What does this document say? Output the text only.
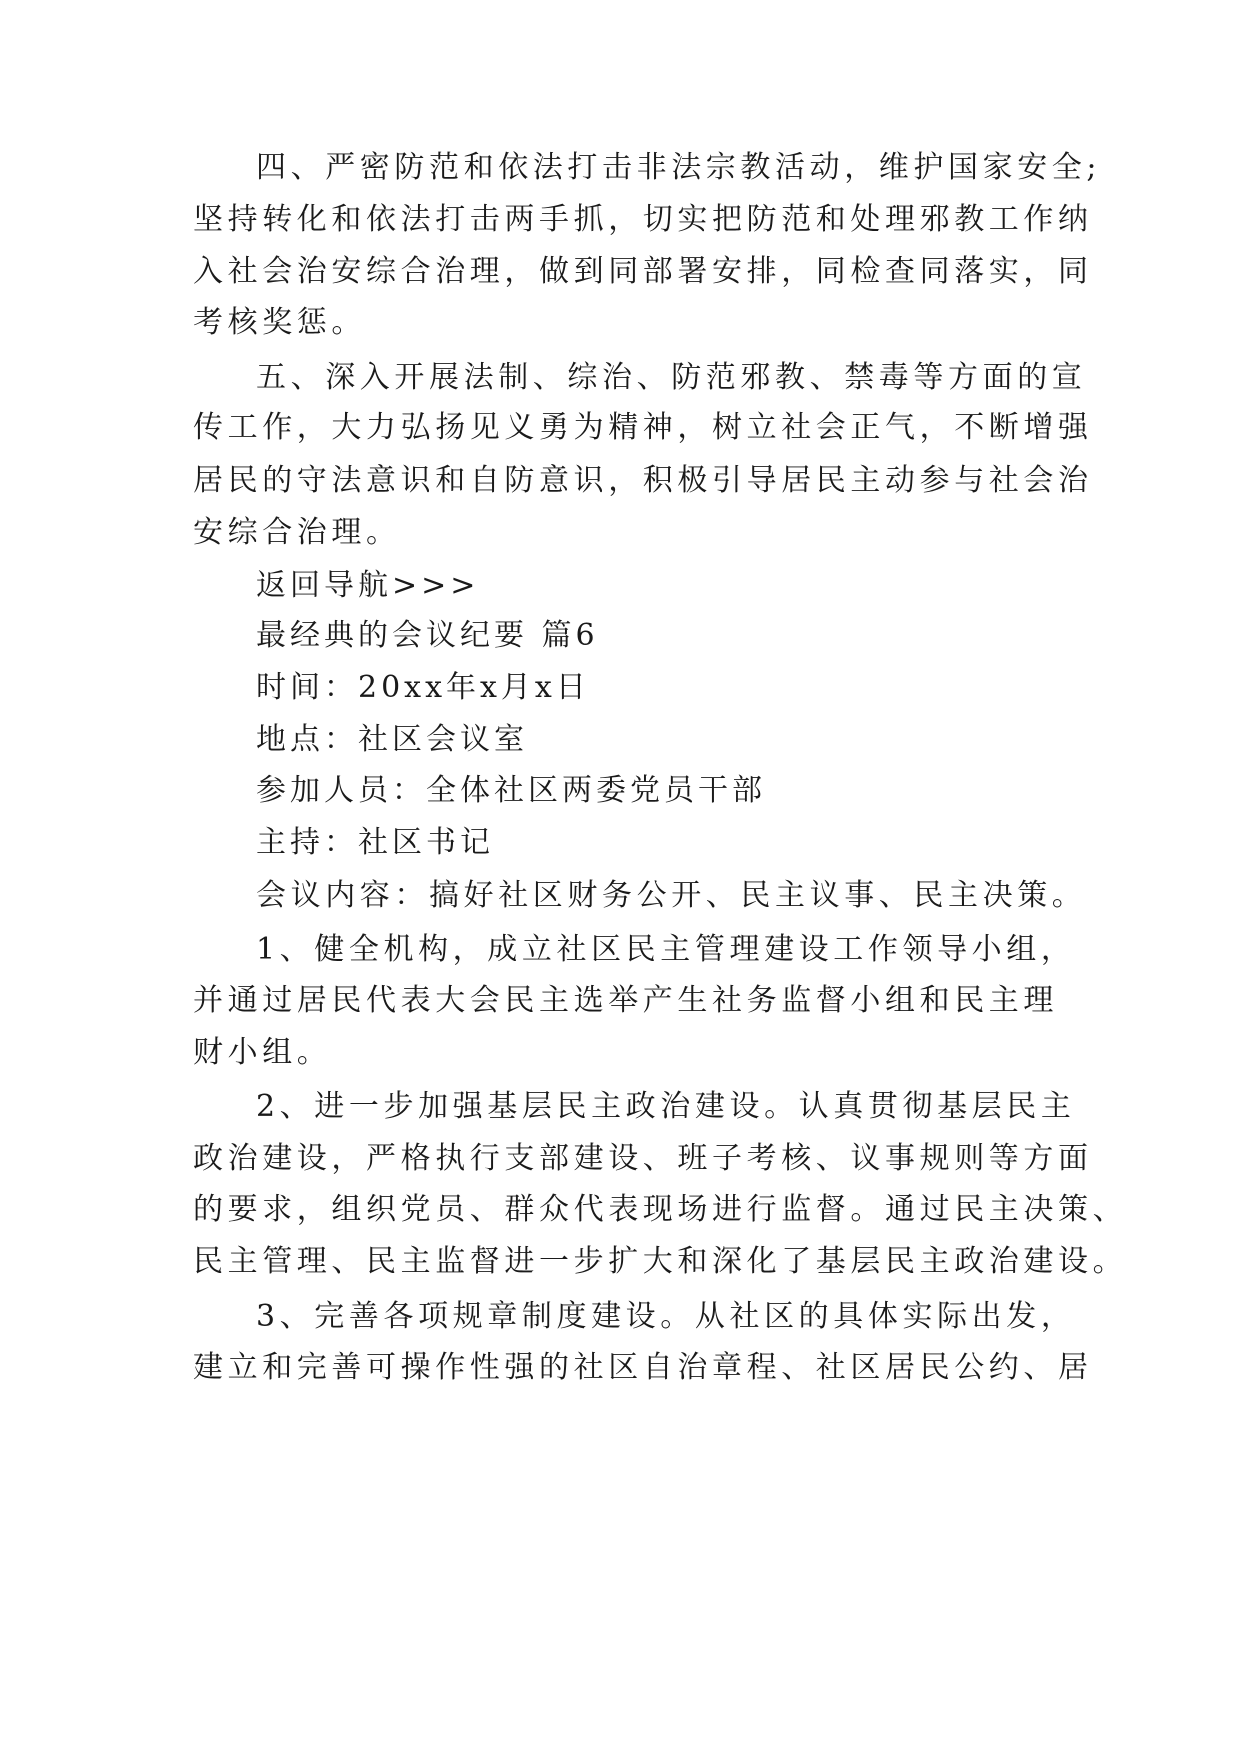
四、严密防范和依法打击非法宗教活动，维护国家安全;
坚持转化和依法打击两手抓，切实把防范和处理邪教工作纳
入社会治安综合治理，做到同部署安排，同检查同落实，同
考核奖惩。
五、深入开展法制、综治、防范邪教、禁毒等方面的宣
传工作，大力弘扬见义勇为精神，树立社会正气，不断增强
居民的守法意识和自防意识，积极引导居民主动参与社会治
安综合治理。
返回导航>>>
最经典的会议纪要 篇6
时间：20xx年x月x日
地点：社区会议室
参加人员：全体社区两委党员干部
主持：社区书记
会议内容：搞好社区财务公开、民主议事、民主决策。
1、健全机构，成立社区民主管理建设工作领导小组，
并通过居民代表大会民主选举产生社务监督小组和民主理
财小组。
2、进一步加强基层民主政治建设。认真贯彻基层民主
政治建设，严格执行支部建设、班子考核、议事规则等方面
的要求，组织党员、群众代表现场进行监督。通过民主决策、
民主管理、民主监督进一步扩大和深化了基层民主政治建设。
3、完善各项规章制度建设。从社区的具体实际出发，
建立和完善可操作性强的社区自治章程、社区居民公约、居
